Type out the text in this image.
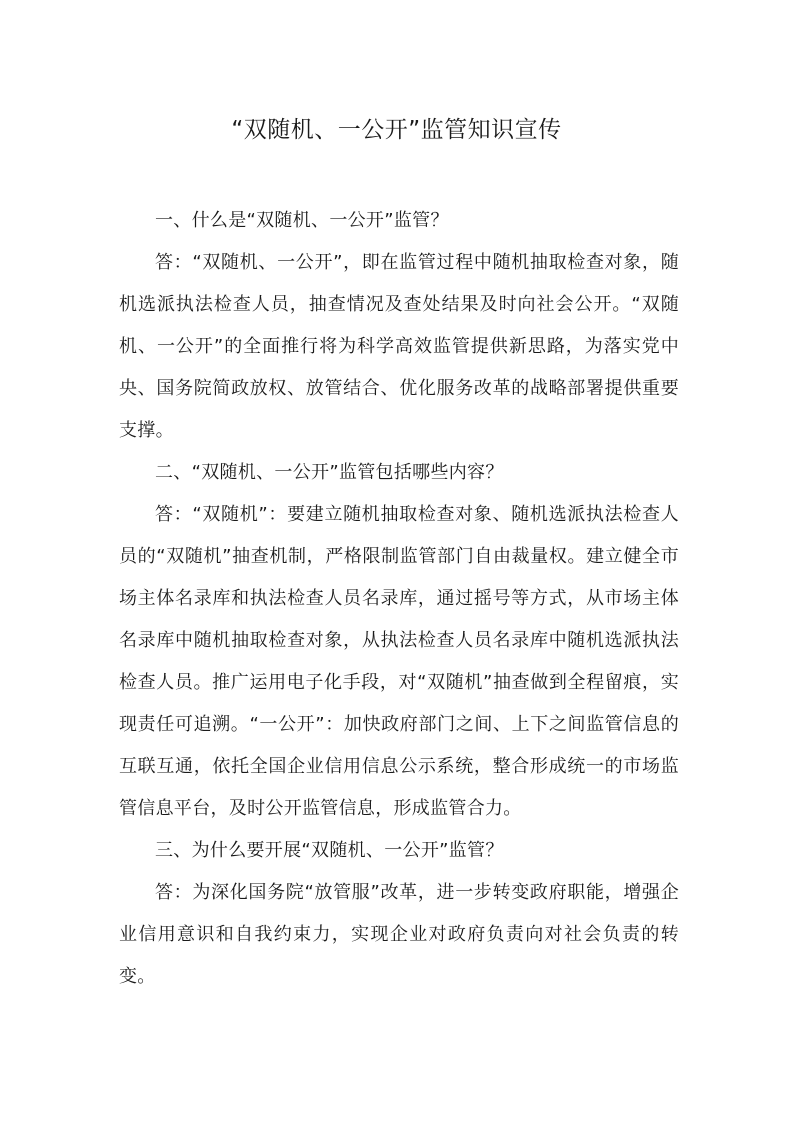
“双随机、一公开”监管知识宣传

一、什么是“双随机、一公开”监管？

答：“双随机、一公开”，即在监管过程中随机抽取检查对象，随机选派执法检查人员，抽查情况及查处结果及时向社会公开。“双随机、一公开”的全面推行将为科学高效监管提供新思路，为落实党中央、国务院简政放权、放管结合、优化服务改革的战略部署提供重要支撑。

二、“双随机、一公开”监管包括哪些内容？

答：“双随机”：要建立随机抽取检查对象、随机选派执法检查人员的“双随机”抽查机制，严格限制监管部门自由裁量权。建立健全市场主体名录库和执法检查人员名录库，通过摇号等方式，从市场主体名录库中随机抽取检查对象，从执法检查人员名录库中随机选派执法检查人员。推广运用电子化手段，对“双随机”抽查做到全程留痕，实现责任可追溯。“一公开”：加快政府部门之间、上下之间监管信息的互联互通，依托全国企业信用信息公示系统，整合形成统一的市场监管信息平台，及时公开监管信息，形成监管合力。

三、为什么要开展“双随机、一公开”监管？

答：为深化国务院“放管服”改革，进一步转变政府职能，增强企业信用意识和自我约束力，实现企业对政府负责向对社会负责的转变。
